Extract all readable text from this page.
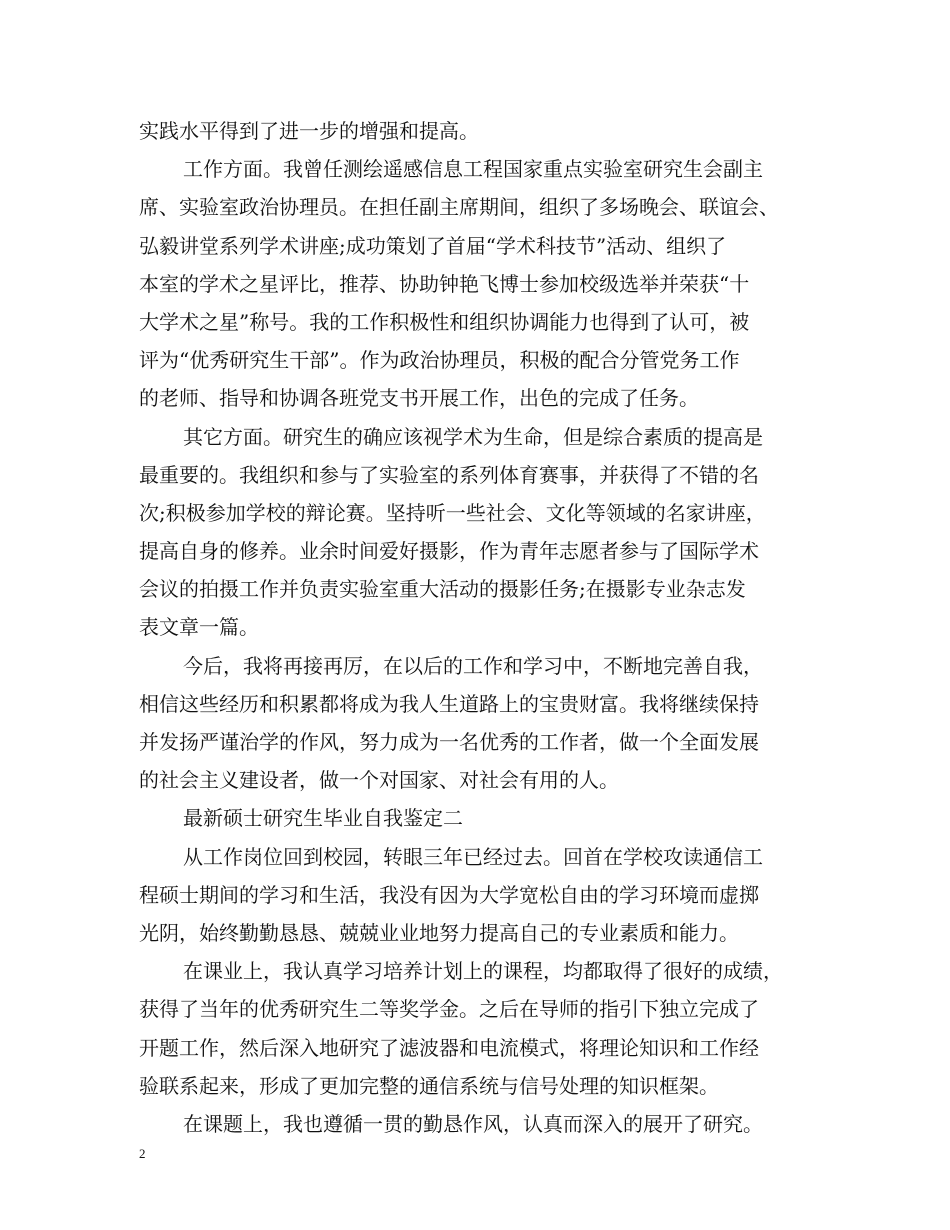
实践水平得到了进一步的增强和提高。
工作方面。我曾任测绘遥感信息工程国家重点实验室研究生会副主
席、实验室政治协理员。在担任副主席期间，组织了多场晚会、联谊会、
弘毅讲堂系列学术讲座;成功策划了首届“学术科技节”活动、组织了
本室的学术之星评比，推荐、协助钟艳飞博士参加校级选举并荣获“十
大学术之星”称号。我的工作积极性和组织协调能力也得到了认可，被
评为“优秀研究生干部”。作为政治协理员，积极的配合分管党务工作
的老师、指导和协调各班党支书开展工作，出色的完成了任务。
其它方面。研究生的确应该视学术为生命，但是综合素质的提高是
最重要的。我组织和参与了实验室的系列体育赛事，并获得了不错的名
次;积极参加学校的辩论赛。坚持听一些社会、文化等领域的名家讲座，
提高自身的修养。业余时间爱好摄影，作为青年志愿者参与了国际学术
会议的拍摄工作并负责实验室重大活动的摄影任务;在摄影专业杂志发
表文章一篇。
今后，我将再接再厉，在以后的工作和学习中，不断地完善自我，
相信这些经历和积累都将成为我人生道路上的宝贵财富。我将继续保持
并发扬严谨治学的作风，努力成为一名优秀的工作者，做一个全面发展
的社会主义建设者，做一个对国家、对社会有用的人。
最新硕士研究生毕业自我鉴定二
从工作岗位回到校园，转眼三年已经过去。回首在学校攻读通信工
程硕士期间的学习和生活，我没有因为大学宽松自由的学习环境而虚掷
光阴，始终勤勤恳恳、兢兢业业地努力提高自己的专业素质和能力。
在课业上，我认真学习培养计划上的课程，均都取得了很好的成绩，
获得了当年的优秀研究生二等奖学金。之后在导师的指引下独立完成了
开题工作，然后深入地研究了滤波器和电流模式，将理论知识和工作经
验联系起来，形成了更加完整的通信系统与信号处理的知识框架。
在课题上，我也遵循一贯的勤恳作风，认真而深入的展开了研究。
2
